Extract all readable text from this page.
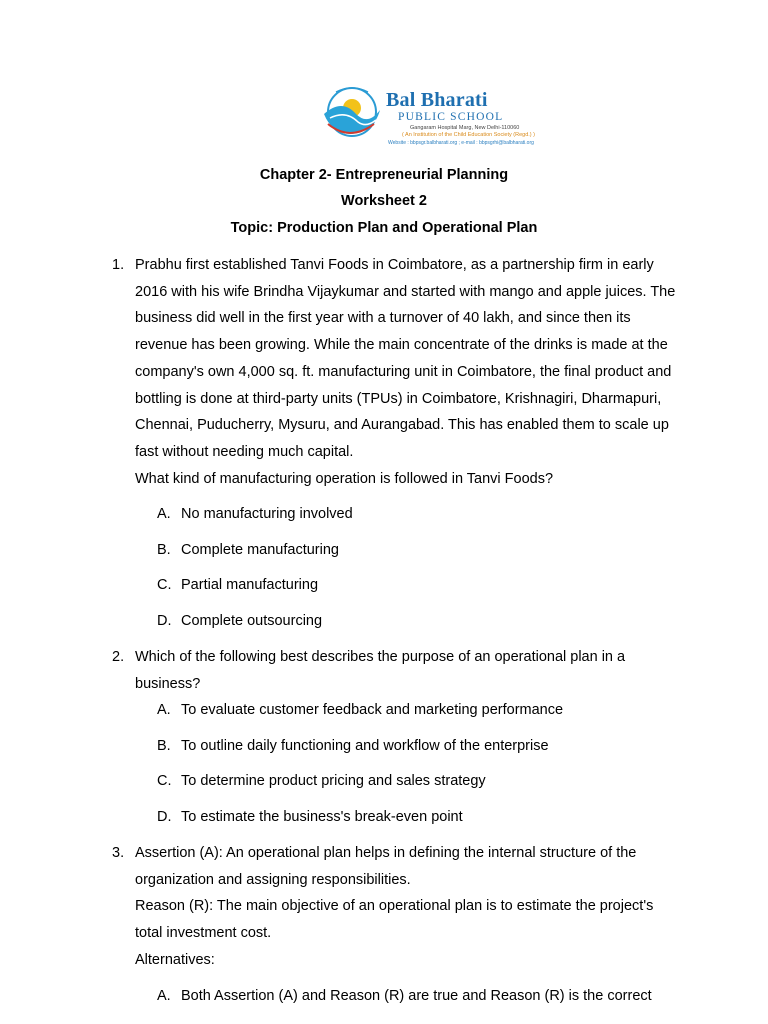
Bal Bharati
PUBLIC SCHOOL
Gangaram Hospital Marg, New Delhi-110060
( An Institution of the Child Education Society (Regd.) )
Website : bbpsgr.balbharati.org ; e-mail : bbpsgrhi@balbharati.org
Chapter 2- Entrepreneurial Planning
Worksheet 2
Topic: Production Plan and Operational Plan
1. Prabhu first established Tanvi Foods in Coimbatore, as a partnership firm in early 2016 with his wife Brindha Vijaykumar and started with mango and apple juices. The business did well in the first year with a turnover of 40 lakh, and since then its revenue has been growing. While the main concentrate of the drinks is made at the company's own 4,000 sq. ft. manufacturing unit in Coimbatore, the final product and bottling is done at third-party units (TPUs) in Coimbatore, Krishnagiri, Dharmapuri, Chennai, Puducherry, Mysuru, and Aurangabad. This has enabled them to scale up fast without needing much capital.
What kind of manufacturing operation is followed in Tanvi Foods?
A. No manufacturing involved
B. Complete manufacturing
C. Partial manufacturing
D. Complete outsourcing
2. Which of the following best describes the purpose of an operational plan in a business?
A. To evaluate customer feedback and marketing performance
B. To outline daily functioning and workflow of the enterprise
C. To determine product pricing and sales strategy
D. To estimate the business's break-even point
3. Assertion (A): An operational plan helps in defining the internal structure of the organization and assigning responsibilities.
Reason (R): The main objective of an operational plan is to estimate the project's total investment cost.
Alternatives:
A. Both Assertion (A) and Reason (R) are true and Reason (R) is the correct
